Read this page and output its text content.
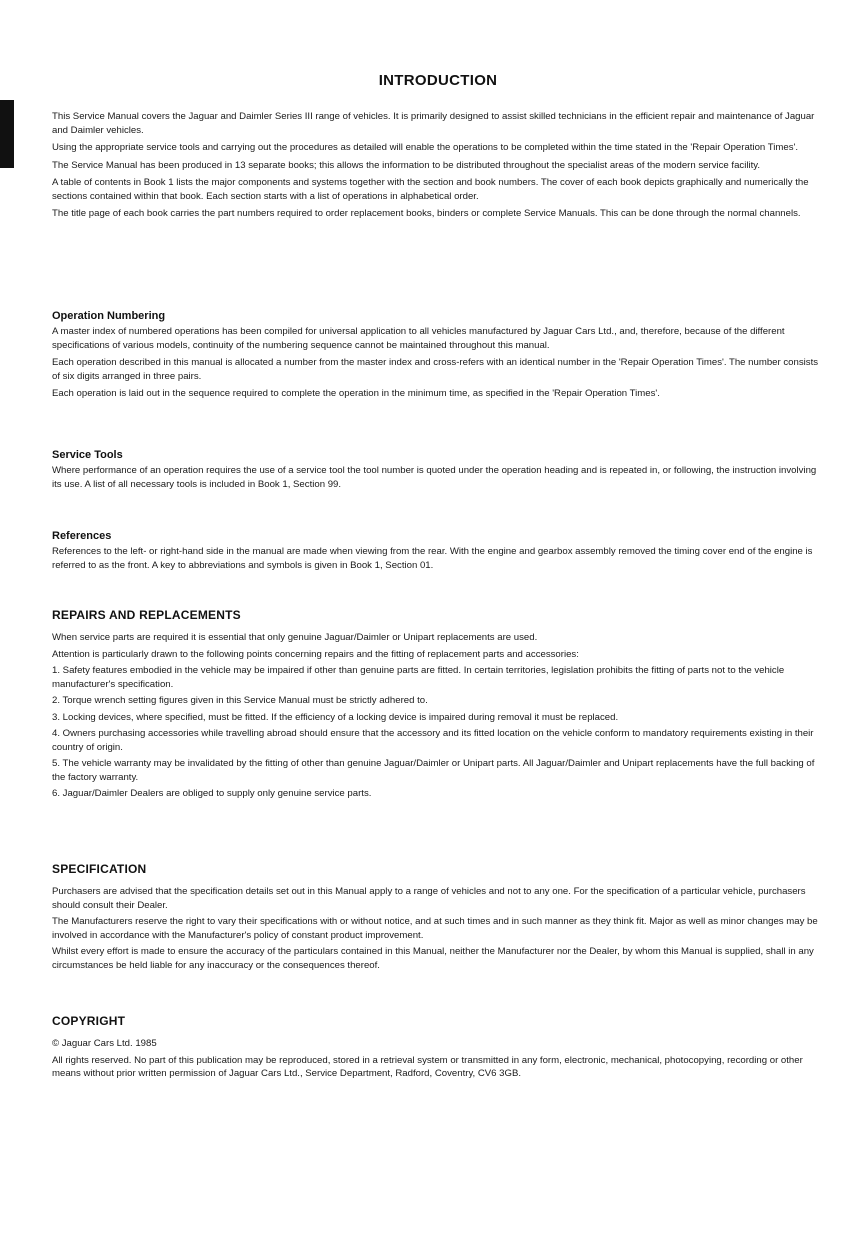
INTRODUCTION

This Service Manual covers the Jaguar and Daimler Series III range of vehicles. It is primarily designed to assist skilled technicians in the efficient repair and maintenance of Jaguar and Daimler vehicles.

Using the appropriate service tools and carrying out the procedures as detailed will enable the operations to be completed within the time stated in the 'Repair Operation Times'.

The Service Manual has been produced in 13 separate books; this allows the information to be distributed throughout the specialist areas of the modern service facility.

A table of contents in Book 1 lists the major components and systems together with the section and book numbers. The cover of each book depicts graphically and numerically the sections contained within that book. Each section starts with a list of operations in alphabetical order.

The title page of each book carries the part numbers required to order replacement books, binders or complete Service Manuals. This can be done through the normal channels.

Operation Numbering

A master index of numbered operations has been compiled for universal application to all vehicles manufactured by Jaguar Cars Ltd., and, therefore, because of the different specifications of various models, continuity of the numbering sequence cannot be maintained throughout this manual.

Each operation described in this manual is allocated a number from the master index and cross-refers with an identical number in the 'Repair Operation Times'. The number consists of six digits arranged in three pairs.

Each operation is laid out in the sequence required to complete the operation in the minimum time, as specified in the 'Repair Operation Times'.

Service Tools

Where performance of an operation requires the use of a service tool the tool number is quoted under the operation heading and is repeated in, or following, the instruction involving its use. A list of all necessary tools is included in Book 1, Section 99.

References

References to the left- or right-hand side in the manual are made when viewing from the rear. With the engine and gearbox assembly removed the timing cover end of the engine is referred to as the front. A key to abbreviations and symbols is given in Book 1, Section 01.

REPAIRS AND REPLACEMENTS

When service parts are required it is essential that only genuine Jaguar/Daimler or Unipart replacements are used.

Attention is particularly drawn to the following points concerning repairs and the fitting of replacement parts and accessories:

1. Safety features embodied in the vehicle may be impaired if other than genuine parts are fitted. In certain territories, legislation prohibits the fitting of parts not to the vehicle manufacturer's specification.

2. Torque wrench setting figures given in this Service Manual must be strictly adhered to.

3. Locking devices, where specified, must be fitted. If the efficiency of a locking device is impaired during removal it must be replaced.

4. Owners purchasing accessories while travelling abroad should ensure that the accessory and its fitted location on the vehicle conform to mandatory requirements existing in their country of origin.

5. The vehicle warranty may be invalidated by the fitting of other than genuine Jaguar/Daimler or Unipart parts. All Jaguar/Daimler and Unipart replacements have the full backing of the factory warranty.

6. Jaguar/Daimler Dealers are obliged to supply only genuine service parts.

SPECIFICATION

Purchasers are advised that the specification details set out in this Manual apply to a range of vehicles and not to any one. For the specification of a particular vehicle, purchasers should consult their Dealer.

The Manufacturers reserve the right to vary their specifications with or without notice, and at such times and in such manner as they think fit. Major as well as minor changes may be involved in accordance with the Manufacturer's policy of constant product improvement.

Whilst every effort is made to ensure the accuracy of the particulars contained in this Manual, neither the Manufacturer nor the Dealer, by whom this Manual is supplied, shall in any circumstances be held liable for any inaccuracy or the consequences thereof.

COPYRIGHT

© Jaguar Cars Ltd. 1985

All rights reserved. No part of this publication may be reproduced, stored in a retrieval system or transmitted in any form, electronic, mechanical, photocopying, recording or other means without prior written permission of Jaguar Cars Ltd., Service Department, Radford, Coventry, CV6 3GB.
